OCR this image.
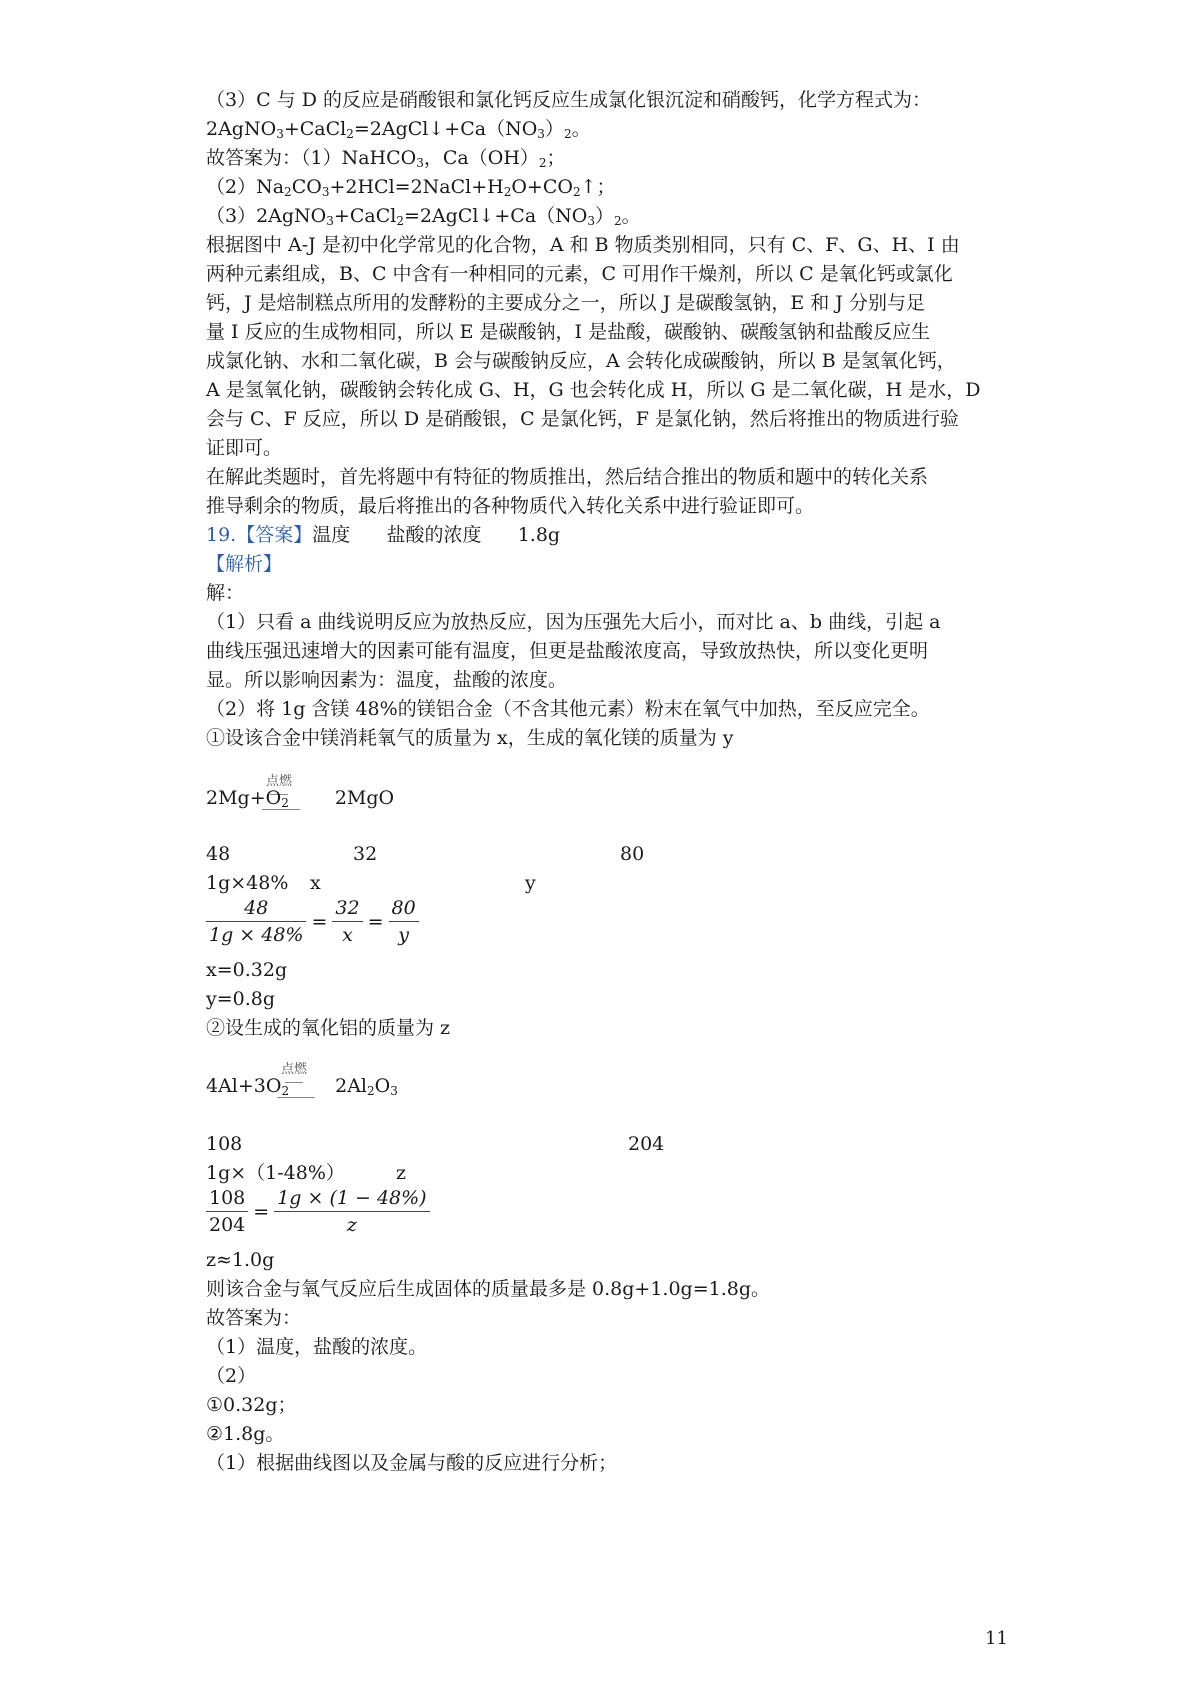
（3）C 与 D 的反应是硝酸银和氯化钙反应生成氯化银沉淀和硝酸钙，化学方程式为：
$2AgNO_3+CaCl_2=2AgCl↓+Ca(NO_3)_2$。
故答案为：（1）NaHCO$_3$，$Ca(OH)_2$；
$(2)Na_2CO_3+2HCl=2NaCl+H_2O+CO_2↑$；
$(3)2AgNO_3+CaCl_2=2AgCl↓+Ca(NO_3)_2$。
根据图中 A-J 是初中化学常见的化合物，A 和 B 物质类别相同，只有 C、F、G、H、I 由
两种元素组成，B、C 中含有一种相同的元素，C 可用作干燥剂，所以 C 是氧化钙或氯化
钙，J 是焙制糕点所用的发酵粉的主要成分之一，所以 J 是碳酸氢钠，E 和 J 分别与足
量 I 反应的生成物相同，所以 E 是碳酸钠，I 是盐酸，碳酸钠、碳酸氢钠和盐酸反应生
成氯化钠、水和二氧化碳，B 会与碳酸钠反应，A 会转化成碳酸钠，所以 B 是氢氧化钙，
A 是氢氧化钠，碳酸钠会转化成 G、H，G 也会转化成 H，所以 G 是二氧化碳，H 是水，D
会与 C、F 反应，所以 D 是硝酸银，C 是氯化钙，F 是氯化钠，然后将推出的物质进行验
证即可。
在解此类题时，首先将题中有特征的物质推出，然后结合推出的物质和题中的转化关系
推导剩余的物质，最后将推出的各种物质代入转化关系中进行验证即可。
19.【答案】温度      盐酸的浓度      1.8g
【解析】
解：
（1）只看 a 曲线说明反应为放热反应，因为压强先大后小，而对比 a、b 曲线，引起 a
曲线压强迅速增大的因素可能有温度，但更是盐酸浓度高，导致放热快，所以变化更明
显。所以影响因素为：温度，盐酸的浓度。
（2）将 1g 含镁 48%的镁铝合金（不含其他元素）粉末在氧气中加热，至反应完全。
①设该合金中镁消耗氧气的质量为 x，生成的氧化镁的质量为 y
点燃
$2Mg+O_2$ 2MgO
48	32	80
1g×48% x	y
$\frac{48}{1g \times 48\%} = \frac{32}{x} = \frac{80}{y}$
x=0.32g
y=0.8g
②设生成的氧化铝的质量为 z
点燃
$4Al+3O_2$ $2Al_2O_3$
108	204
1g×（1-48%）	z
$\frac{108}{204} = \frac{1g \times (1 - 48\%)}{z}$
z≈1.0g
则该合金与氧气反应后生成固体的质量最多是 0.8g+1.0g=1.8g。
故答案为：
（1）温度，盐酸的浓度。
（2）
①0.32g；
②1.8g。
（1）根据曲线图以及金属与酸的反应进行分析；
11
